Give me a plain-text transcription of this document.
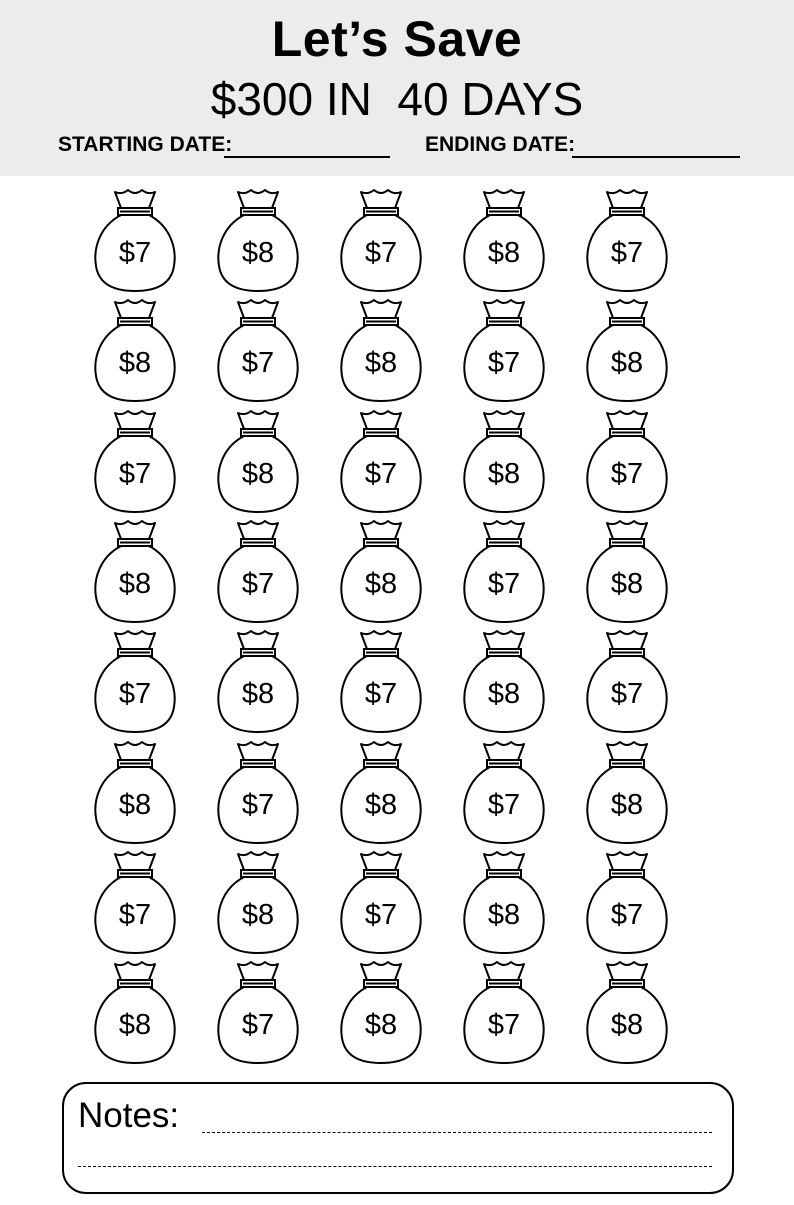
Let’s Save
$300 IN  40 DAYS
STARTING DATE:	ENDING DATE:
$7	$8	$7	$8	$7
$8	$7	$8	$7	$8
$7	$8	$7	$8	$7
$8	$7	$8	$7	$8
$7	$8	$7	$8	$7
$8	$7	$8	$7	$8
$7	$8	$7	$8	$7
$8	$7	$8	$7	$8
Notes:
